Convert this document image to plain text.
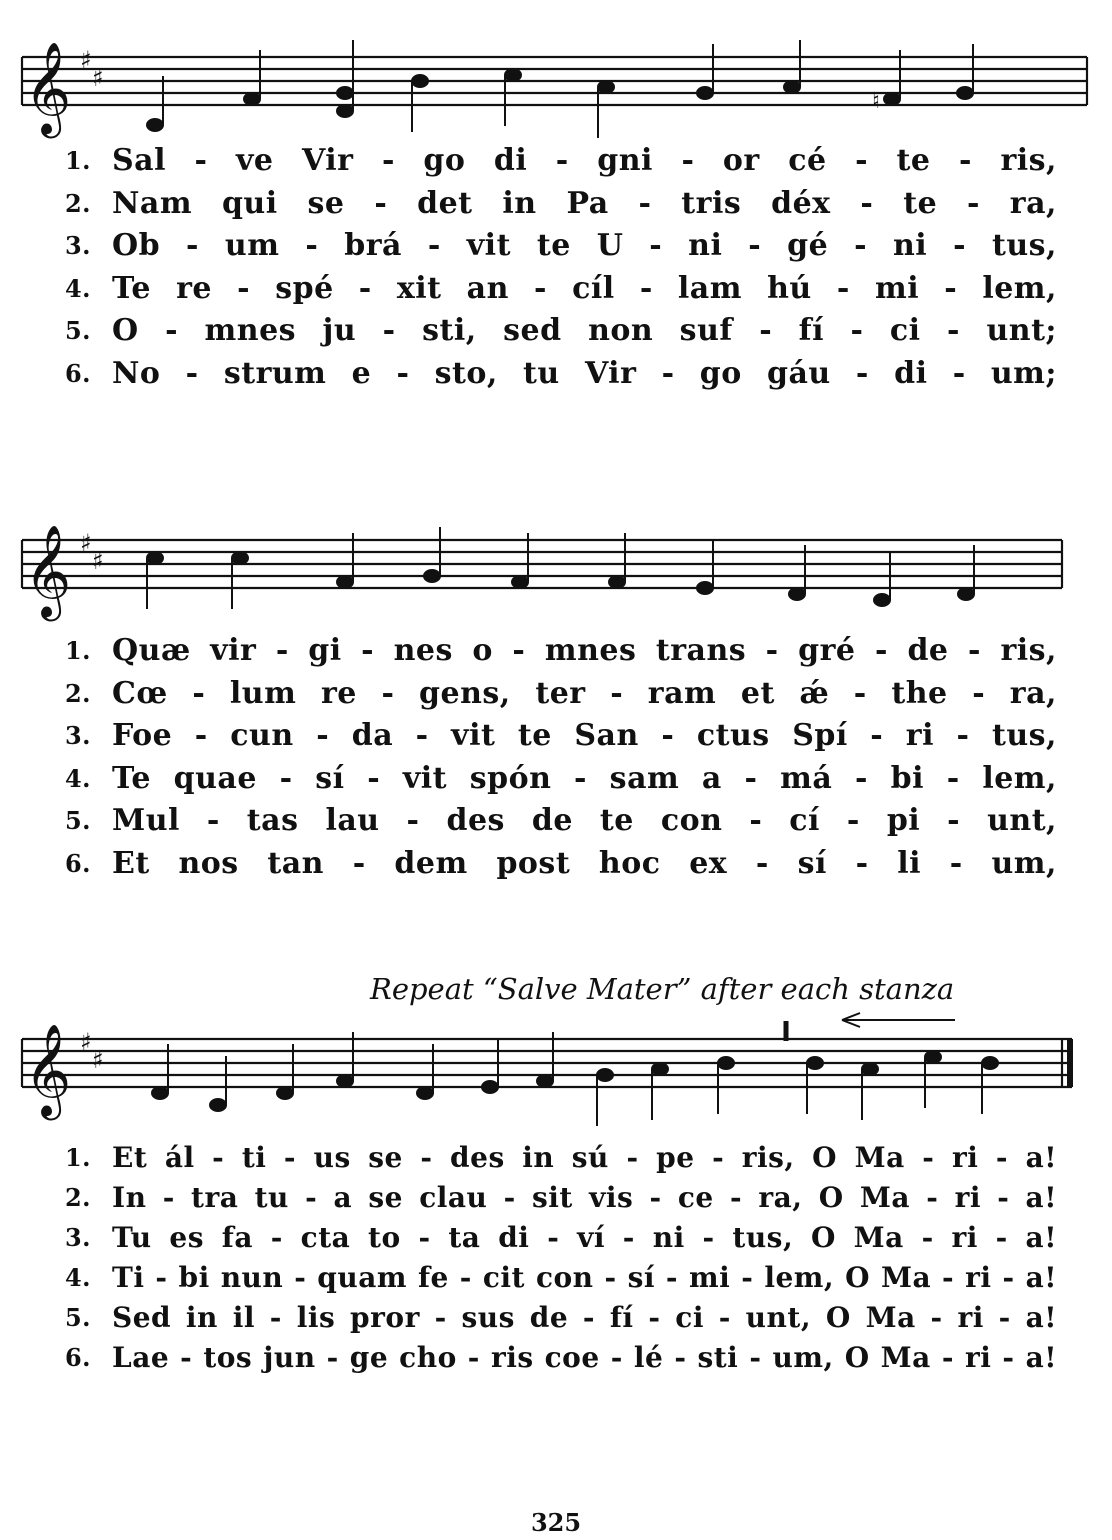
𝄞 ♯
♯
♮
1. Sal - ve Vir - go di - gni - or cé - te - ris,
2. Nam qui se - det in Pa - tris déx - te - ra,
3. Ob - um - brá - vit te U - ni - gé - ni - tus,
4. Te re - spé - xit an - cíl - lam hú - mi - lem,
5. O - mnes ju - sti, sed non suf - fí - ci - unt;
6. No - strum e - sto, tu Vir - go gáu - di - um;
𝄞 ♯
♯
1. Quæ vir - gi - nes o - mnes trans - gré - de - ris,
2. Cœ - lum re - gens, ter - ram et ǽ - the - ra,
3. Foe - cun - da - vit te San - ctus Spí - ri - tus,
4. Te quae - sí - vit spón - sam a - má - bi - lem,
5. Mul - tas lau - des de te con - cí - pi - unt,
6. Et nos tan - dem post hoc ex - sí - li - um,
Repeat “Salve Mater” after each stanza
𝄞 ♯
♯
1. Et ál - ti - us se - des in sú - pe - ris, O Ma - ri - a!
2. In - tra tu - a se clau - sit vis - ce - ra, O Ma - ri - a!
3. Tu es fa - cta to - ta di - ví - ni - tus, O Ma - ri - a!
4. Ti - bi nun - quam fe - cit con - sí - mi - lem, O Ma - ri - a!
5. Sed in il - lis pror - sus de - fí - ci - unt, O Ma - ri - a!
6. Lae - tos jun - ge cho - ris coe - lé - sti - um, O Ma - ri - a!
325
